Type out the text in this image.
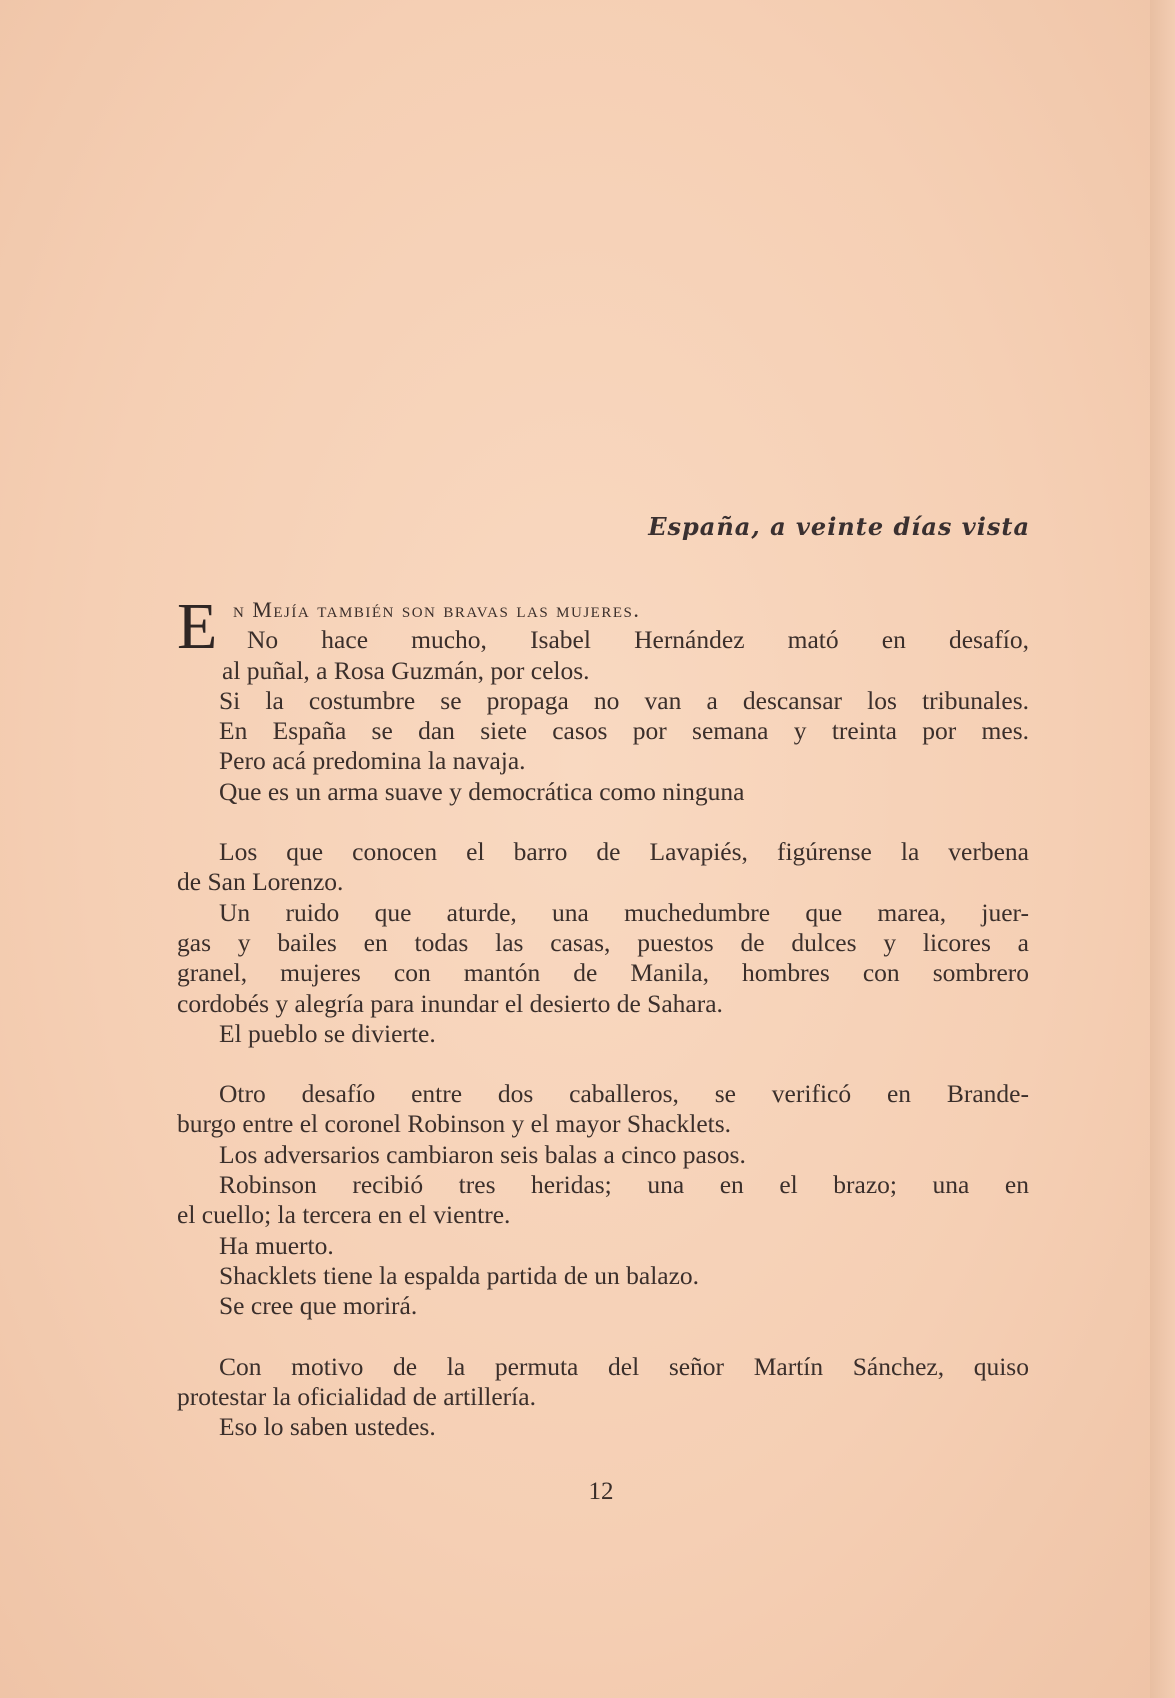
España, a veinte días vista
E n Mejía también son bravas las mujeres.
No hace mucho, Isabel Hernández mató en desafío,
al puñal, a Rosa Guzmán, por celos.
Si la costumbre se propaga no van a descansar los tribunales.
En España se dan siete casos por semana y treinta por mes.
Pero acá predomina la navaja.
Que es un arma suave y democrática como ninguna
Los que conocen el barro de Lavapiés, figúrense la verbena
de San Lorenzo.
Un ruido que aturde, una muchedumbre que marea, juer-
gas y bailes en todas las casas, puestos de dulces y licores a
granel, mujeres con mantón de Manila, hombres con sombrero
cordobés y alegría para inundar el desierto de Sahara.
El pueblo se divierte.
Otro desafío entre dos caballeros, se verificó en Brande-
burgo entre el coronel Robinson y el mayor Shacklets.
Los adversarios cambiaron seis balas a cinco pasos.
Robinson recibió tres heridas; una en el brazo; una en
el cuello; la tercera en el vientre.
Ha muerto.
Shacklets tiene la espalda partida de un balazo.
Se cree que morirá.
Con motivo de la permuta del señor Martín Sánchez, quiso
protestar la oficialidad de artillería.
Eso lo saben ustedes.
12
